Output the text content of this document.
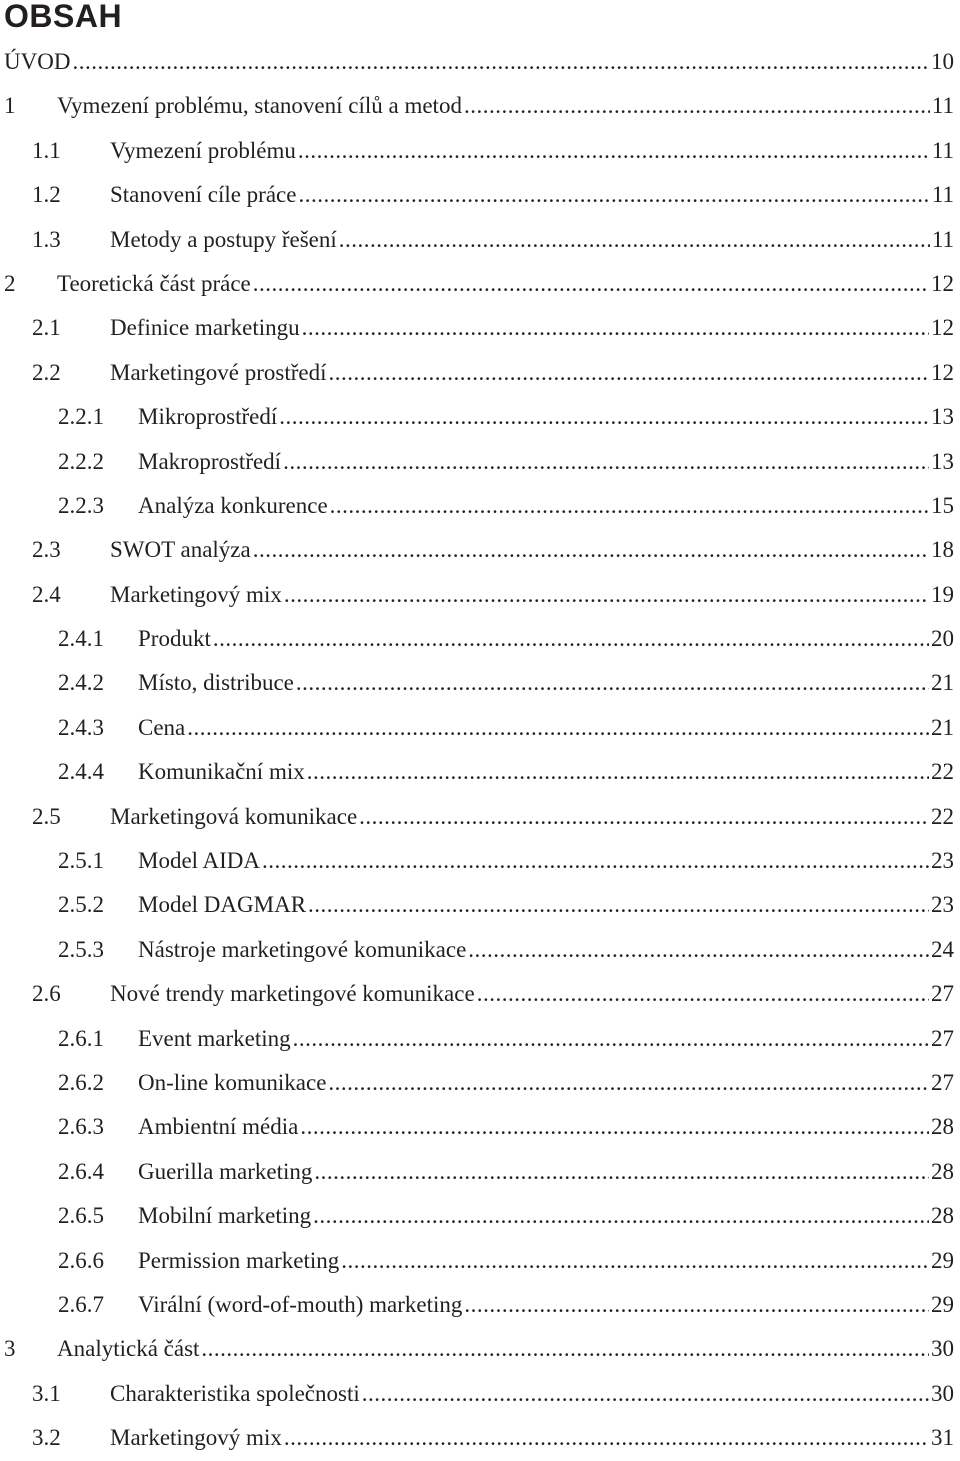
OBSAH
ÚVOD .....	10
1 Vymezení problému, stanovení cílů a metod .....	11
1.1 Vymezení problému .....	11
1.2 Stanovení cíle práce .....	11
1.3 Metody a postupy řešení .....	11
2 Teoretická část práce .....	12
2.1 Definice marketingu .....	12
2.2 Marketingové prostředí .....	12
2.2.1 Mikroprostředí .....	13
2.2.2 Makroprostředí .....	13
2.2.3 Analýza konkurence .....	15
2.3 SWOT analýza .....	18
2.4 Marketingový mix .....	19
2.4.1 Produkt .....	20
2.4.2 Místo, distribuce .....	21
2.4.3 Cena .....	21
2.4.4 Komunikační mix .....	22
2.5 Marketingová komunikace .....	22
2.5.1 Model AIDA .....	23
2.5.2 Model DAGMAR .....	23
2.5.3 Nástroje marketingové komunikace .....	24
2.6 Nové trendy marketingové komunikace .....	27
2.6.1 Event marketing .....	27
2.6.2 On-line komunikace .....	27
2.6.3 Ambientní média .....	28
2.6.4 Guerilla marketing .....	28
2.6.5 Mobilní marketing .....	28
2.6.6 Permission marketing .....	29
2.6.7 Virální (word-of-mouth) marketing .....	29
3 Analytická část .....	30
3.1 Charakteristika společnosti .....	30
3.2 Marketingový mix .....	31
